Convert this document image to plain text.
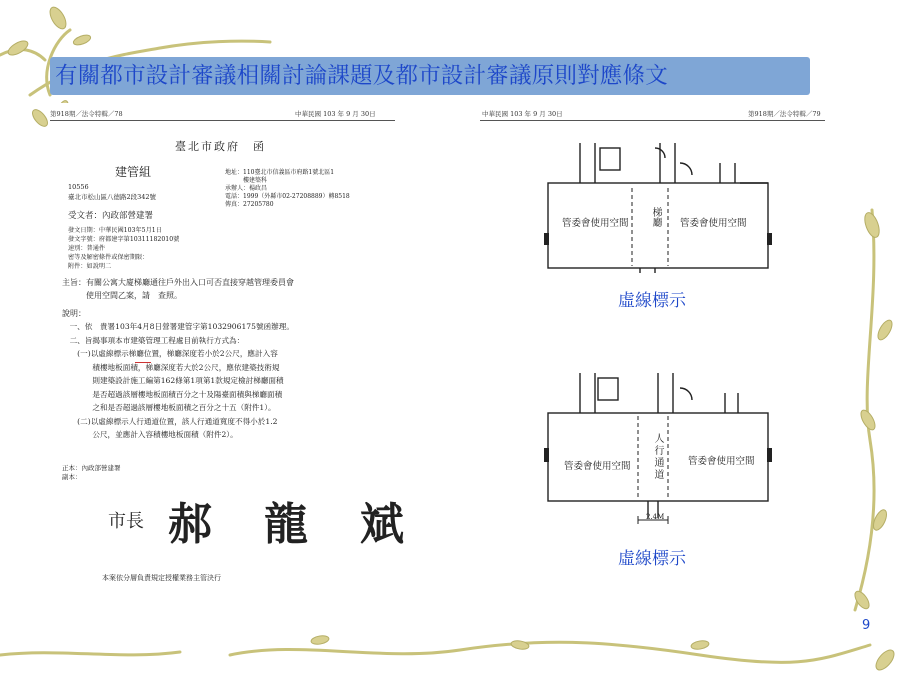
有關都市設計審議相關討論課題及都市設計審議原則對應條文
第918期／法令特輯／78	中華民國 103 年 9 月 30日
臺北市政府　函
建管組
10556
臺北市松山區八德路2段342號
地址：110臺北市信義區市府路1號北區1
　　　樓建築科
承辦人：楊政昌
電話：1999（外縣市02-27208889）轉8518
傳真：27205780
受文者：內政部營建署
發文日期：中華民國103年5月1日
發文字號：府都建字第10311182010號
速別：普通件
密等及解密條件或保密期限：
附件：如說明二
主旨：有關公寓大廈梯廳通往戶外出入口可否直接穿越管理委員會
　　　使用空間乙案，請　查照。
說明：
　一、依　貴署103年4月8日營署建管字第1032906175號函辦理。
　二、旨揭事項本市建築管理工程處目前執行方式為：
　　(一)以虛線標示梯廳位置，梯廳深度若小於2公尺，應計入容
　　　　積樓地板面積，梯廳深度若大於2公尺，應依建築技術規
　　　　則建築設計施工編第162條第1項第1款規定檢討梯廳面積
　　　　是否超過該層樓地板面積百分之十及陽臺面積與梯廳面積
　　　　之和是否超過該層樓地板面積之百分之十五（附件1）。
　　(二)以虛線標示人行通道位置，該人行通道寬度不得小於1.2
　　　　公尺，並應計入容積樓地板面積（附件2）。
正本：內政部營建署
副本：
市長 郝　龍　斌
本案依分層負責規定授權業務主管決行
中華民國 103 年 9 月 30日	第918期／法令特輯／79
管委會使用空間 梯廳 管委會使用空間
虛線標示
管委會使用空間 人行通道	管委會使用空間
2.4M
虛線標示
9
